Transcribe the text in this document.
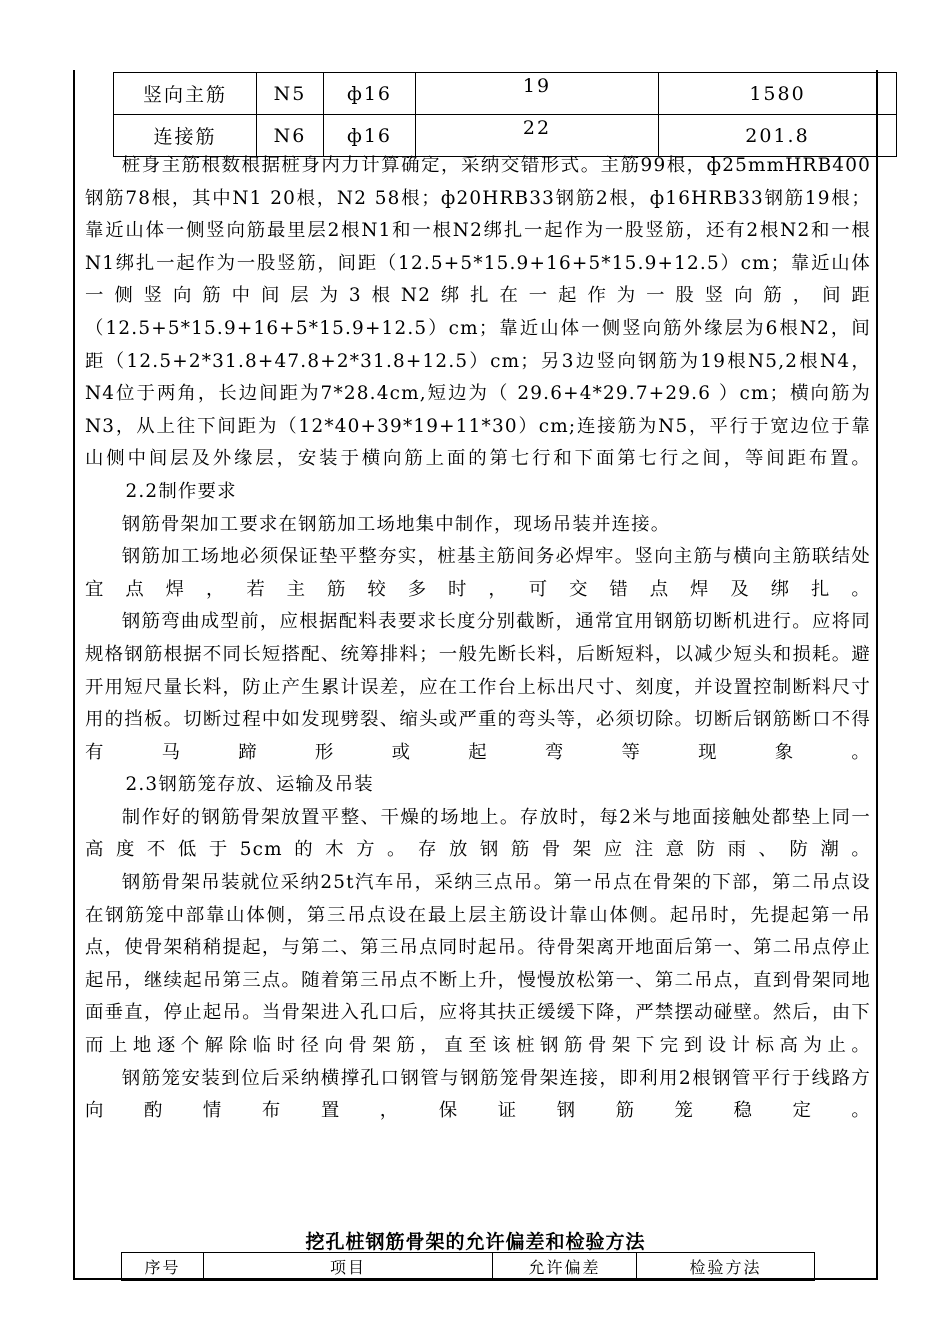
竖向主筋	N5	ф16	19	1580
连接筋	N6	ф16	22	201.8

桩身主筋根数根据桩身内力计算确定，采纳交错形式。主筋99根，ф25mmHRB400钢筋78根，其中N1 20根，N2 58根；ф20HRB33钢筋2根，ф16HRB33钢筋19根；靠近山体一侧竖向筋最里层2根N1和一根N2绑扎一起作为一股竖筋，还有2根N2和一根N1绑扎一起作为一股竖筋，间距（12.5+5*15.9+16+5*15.9+12.5）cm；靠近山体一侧竖向筋中间层为3根N2绑扎在一起作为一股竖向筋，间距（12.5+5*15.9+16+5*15.9+12.5）cm；靠近山体一侧竖向筋外缘层为6根N2，间距（12.5+2*31.8+47.8+2*31.8+12.5）cm；另3边竖向钢筋为19根N5,2根N4，N4位于两角，长边间距为7*28.4cm,短边为（ 29.6+4*29.7+29.6 ）cm；横向筋为N3，从上往下间距为（12*40+39*19+11*30）cm;连接筋为N5，平行于宽边位于靠山侧中间层及外缘层，安装于横向筋上面的第七行和下面第七行之间，等间距布置。

2.2制作要求

钢筋骨架加工要求在钢筋加工场地集中制作，现场吊装并连接。

钢筋加工场地必须保证垫平整夯实，桩基主筋间务必焊牢。竖向主筋与横向主筋联结处宜点焊，若主筋较多时，可交错点焊及绑扎。

钢筋弯曲成型前，应根据配料表要求长度分别截断，通常宜用钢筋切断机进行。应将同规格钢筋根据不同长短搭配、统筹排料；一般先断长料，后断短料，以减少短头和损耗。避开用短尺量长料，防止产生累计误差，应在工作台上标出尺寸、刻度，并设置控制断料尺寸用的挡板。切断过程中如发现劈裂、缩头或严重的弯头等，必须切除。切断后钢筋断口不得有马蹄形或起弯等现象。

2.3钢筋笼存放、运输及吊装

制作好的钢筋骨架放置平整、干燥的场地上。存放时，每2米与地面接触处都垫上同一高度不低于5cm的木方。存放钢筋骨架应注意防雨、防潮。

钢筋骨架吊装就位采纳25t汽车吊，采纳三点吊。第一吊点在骨架的下部，第二吊点设在钢筋笼中部靠山体侧，第三吊点设在最上层主筋设计靠山体侧。起吊时，先提起第一吊点，使骨架稍稍提起，与第二、第三吊点同时起吊。待骨架离开地面后第一、第二吊点停止起吊，继续起吊第三点。随着第三吊点不断上升，慢慢放松第一、第二吊点，直到骨架同地面垂直，停止起吊。当骨架进入孔口后，应将其扶正缓缓下降，严禁摆动碰壁。然后，由下而上地逐个解除临时径向骨架筋，直至该桩钢筋骨架下完到设计标高为止。

钢筋笼安装到位后采纳横撑孔口钢管与钢筋笼骨架连接，即利用2根钢管平行于线路方向酌情布置，保证钢筋笼稳定。

挖孔桩钢筋骨架的允许偏差和检验方法
序号	项目	允许偏差	检验方法
